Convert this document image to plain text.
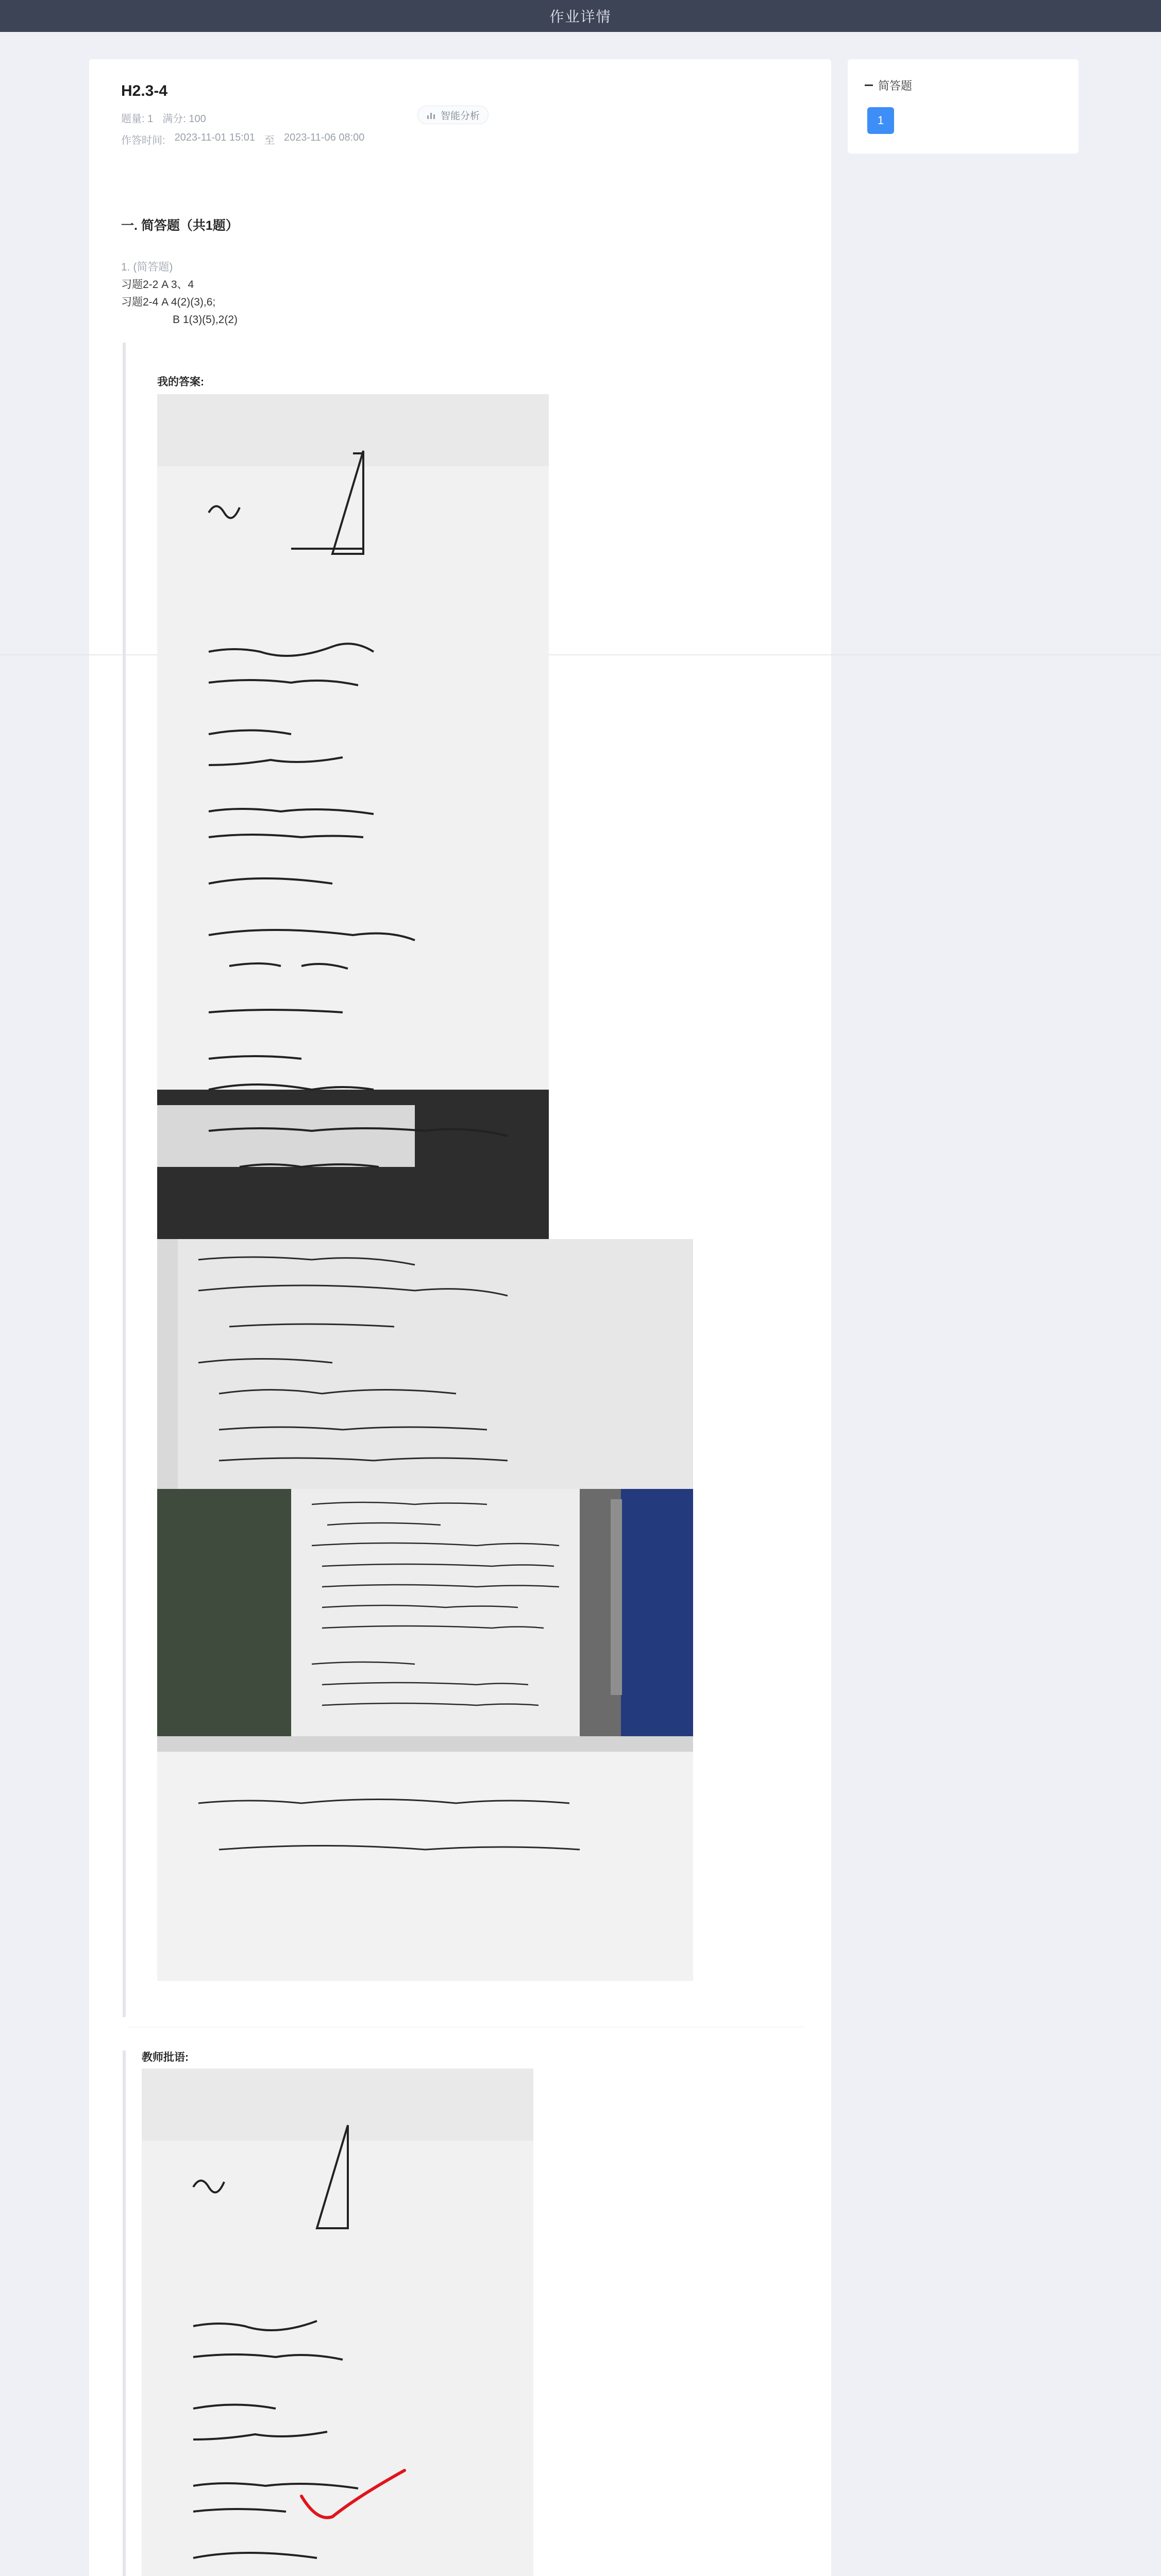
作业详情
H2.3-4
题量: 1 满分: 100
作答时间: 2023-11-01 15:01 至 2023-11-06 08:00
智能分析
一. 简答题（共1题）
1. (简答题)
习题2-2 A 3、4
习题2-4 A 4(2)(3),6;
B 1(3)(5),2(2)
我的答案:
教师批语:
简答题
1
